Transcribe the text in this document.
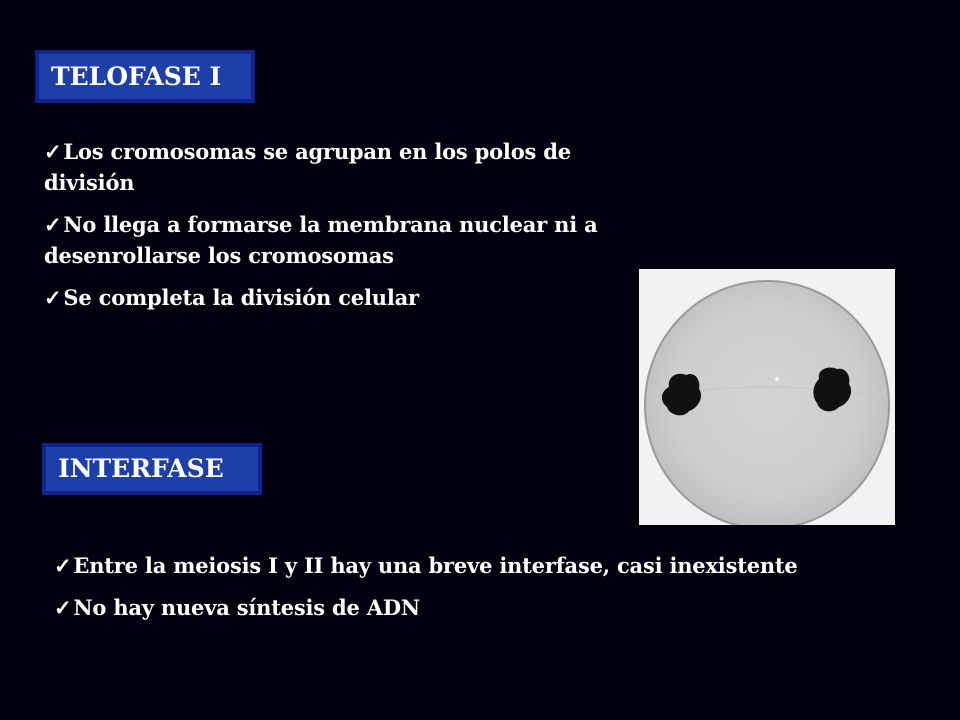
TELOFASE I
✓Los cromosomas se agrupan en los polos de división
✓No llega a formarse la membrana nuclear ni a desenrollarse los cromosomas
✓Se completa la división celular
INTERFASE
✓Entre la meiosis I y II hay una breve interfase, casi inexistente
✓No hay nueva síntesis de ADN
